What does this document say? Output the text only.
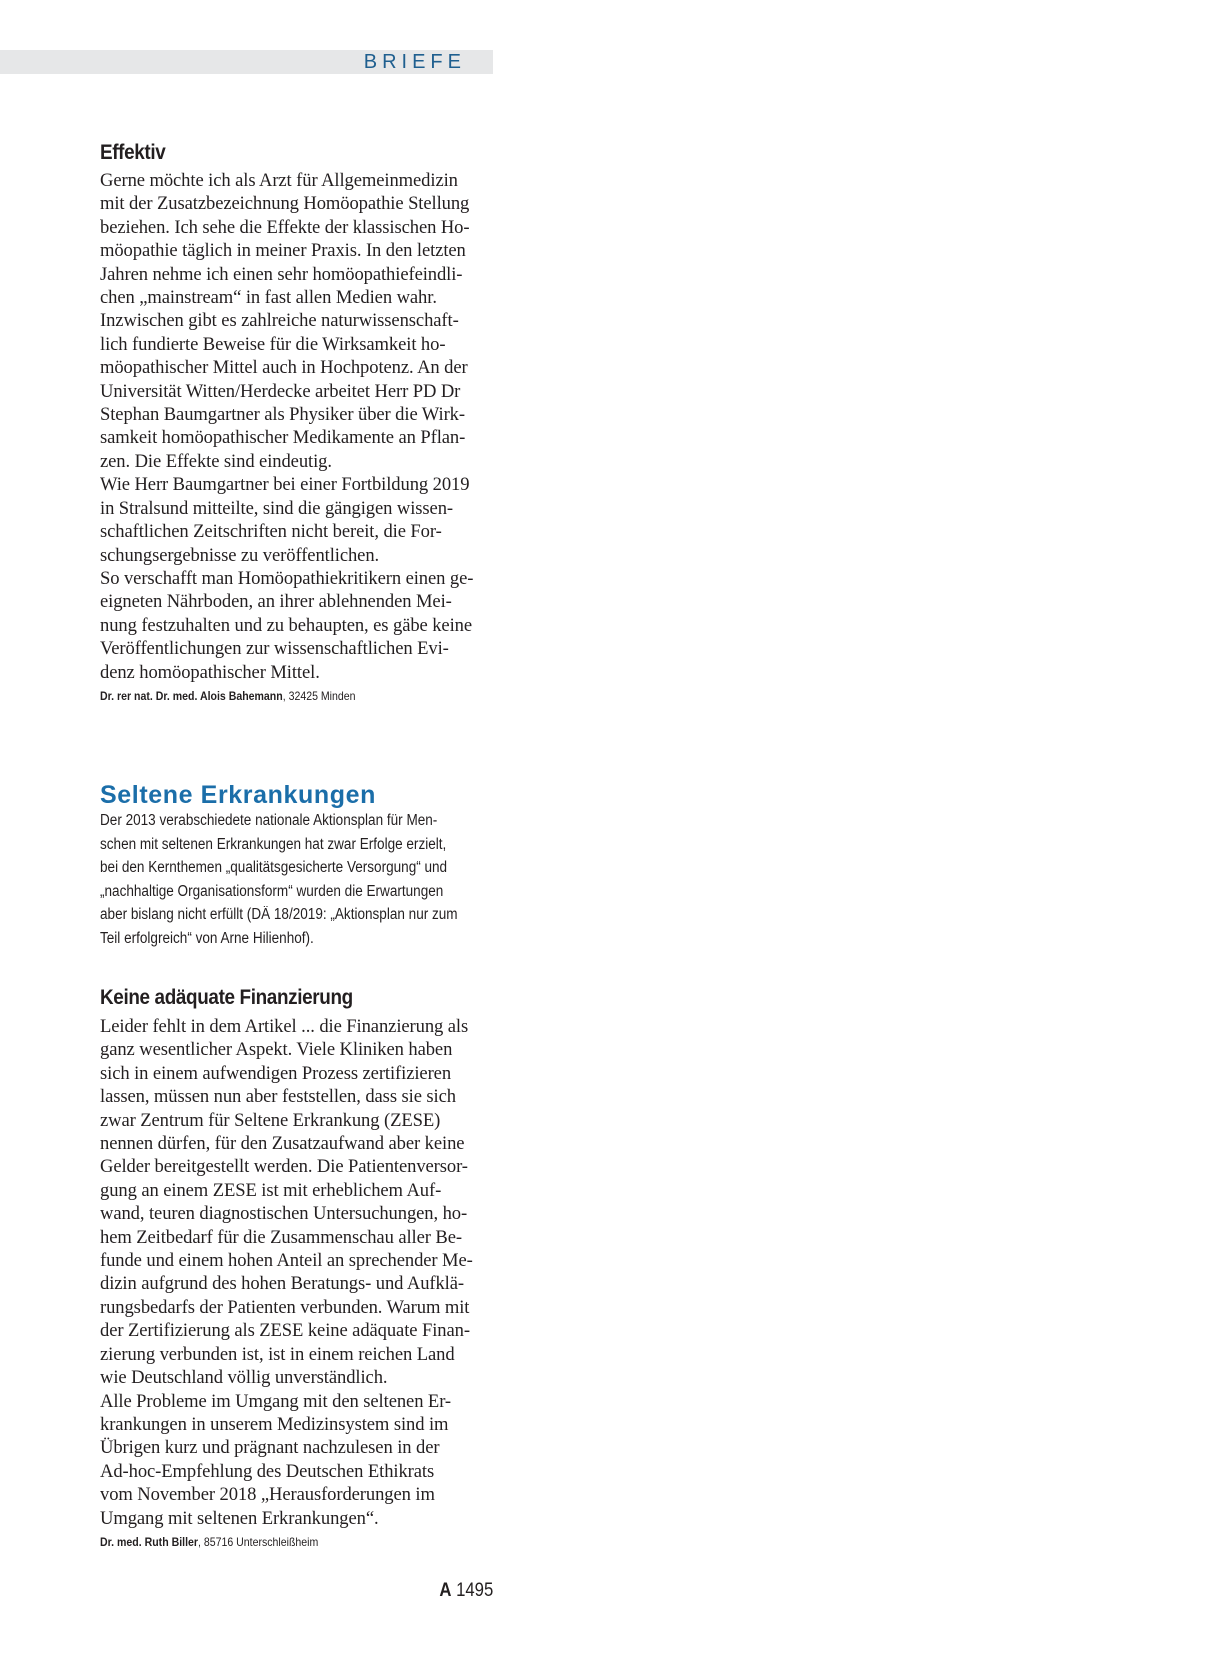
BRIEFE
Effektiv
Gerne möchte ich als Arzt für Allgemeinmedizin
mit der Zusatzbezeichnung Homöopathie Stellung
beziehen. Ich sehe die Effekte der klassischen Ho-
möopathie täglich in meiner Praxis. In den letzten
Jahren nehme ich einen sehr homöopathiefeindli-
chen „mainstream“ in fast allen Medien wahr.
Inzwischen gibt es zahlreiche naturwissenschaft-
lich fundierte Beweise für die Wirksamkeit ho-
möopathischer Mittel auch in Hochpotenz. An der
Universität Witten/Herdecke arbeitet Herr PD Dr
Stephan Baumgartner als Physiker über die Wirk-
samkeit homöopathischer Medikamente an Pflan-
zen. Die Effekte sind eindeutig.
Wie Herr Baumgartner bei einer Fortbildung 2019
in Stralsund mitteilte, sind die gängigen wissen-
schaftlichen Zeitschriften nicht bereit, die For-
schungsergebnisse zu veröffentlichen.
So verschafft man Homöopathiekritikern einen ge-
eigneten Nährboden, an ihrer ablehnenden Mei-
nung festzuhalten und zu behaupten, es gäbe keine
Veröffentlichungen zur wissenschaftlichen Evi-
denz homöopathischer Mittel.
Dr. rer nat. Dr. med. Alois Bahemann, 32425 Minden
Seltene Erkrankungen
Der 2013 verabschiedete nationale Aktionsplan für Men-
schen mit seltenen Erkrankungen hat zwar Erfolge erzielt,
bei den Kernthemen „qualitätsgesicherte Versorgung“ und
„nachhaltige Organisationsform“ wurden die Erwartungen
aber bislang nicht erfüllt (DÄ 18/2019: „Aktionsplan nur zum
Teil erfolgreich“ von Arne Hilienhof).
Keine adäquate Finanzierung
Leider fehlt in dem Artikel ... die Finanzierung als
ganz wesentlicher Aspekt. Viele Kliniken haben
sich in einem aufwendigen Prozess zertifizieren
lassen, müssen nun aber feststellen, dass sie sich
zwar Zentrum für Seltene Erkrankung (ZESE)
nennen dürfen, für den Zusatzaufwand aber keine
Gelder bereitgestellt werden. Die Patientenversor-
gung an einem ZESE ist mit erheblichem Auf-
wand, teuren diagnostischen Untersuchungen, ho-
hem Zeitbedarf für die Zusammenschau aller Be-
funde und einem hohen Anteil an sprechender Me-
dizin aufgrund des hohen Beratungs- und Aufklä-
rungsbedarfs der Patienten verbunden. Warum mit
der Zertifizierung als ZESE keine adäquate Finan-
zierung verbunden ist, ist in einem reichen Land
wie Deutschland völlig unverständlich.
Alle Probleme im Umgang mit den seltenen Er-
krankungen in unserem Medizinsystem sind im
Übrigen kurz und prägnant nachzulesen in der
Ad-hoc-Empfehlung des Deutschen Ethikrats
vom November 2018 „Herausforderungen im
Umgang mit seltenen Erkrankungen“.
Dr. med. Ruth Biller, 85716 Unterschleißheim
A 1495
